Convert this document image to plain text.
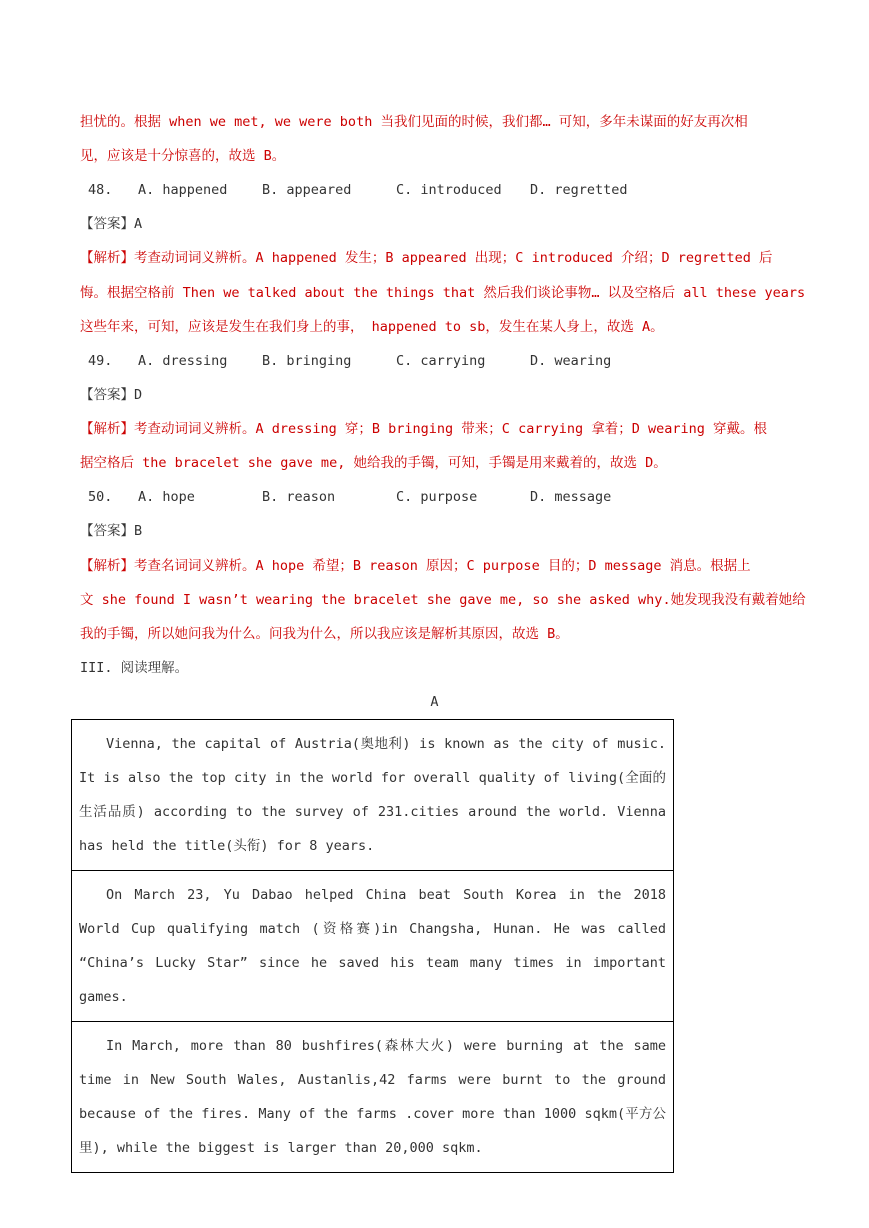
担忧的。根据 when we met, we were both 当我们见面的时候，我们都… 可知，多年未谋面的好友再次相
见，应该是十分惊喜的，故选 B。
48. A. happened	B. appeared	C. introduced D. regretted
【答案】A
【解析】考查动词词义辨析。A happened 发生；B appeared 出现；C introduced 介绍；D regretted 后
悔。根据空格前 Then we talked about the things that 然后我们谈论事物… 以及空格后 all these years
这些年来，可知，应该是发生在我们身上的事， happened to sb，发生在某人身上，故选 A。
49. A. dressing	B. bringing	C. carrying	D. wearing
【答案】D
【解析】考查动词词义辨析。A dressing 穿；B bringing 带来；C carrying 拿着；D wearing 穿戴。根
据空格后 the bracelet she gave me, 她给我的手镯，可知，手镯是用来戴着的，故选 D。
50. A. hope	B. reason	C. purpose	D. message
【答案】B
【解析】考查名词词义辨析。A hope 希望；B reason 原因；C purpose 目的；D message 消息。根据上
文 she found I wasn’t wearing the bracelet she gave me, so she asked why.她发现我没有戴着她给
我的手镯，所以她问我为什么。问我为什么，所以我应该是解析其原因，故选 B。
III. 阅读理解。
A

Vienna, the capital of Austria(奥地利) is known as the city of music. It is also the top city in the world for overall quality of living(全面的生活品质) according to the survey of 231.cities around the world. Vienna has held the title(头衔) for 8 years.

On March 23, Yu Dabao helped China beat South Korea in the 2018 World Cup qualifying match (资格赛)in Changsha, Hunan. He was called “China’s Lucky Star” since he saved his team many times in important games.

In March, more than 80 bushfires(森林大火) were burning at the same time in New South Wales, Austanlis,42 farms were burnt to the ground because of the fires. Many of the farms .cover more than 1000 sqkm(平方公里), while the biggest is larger than 20,000 sqkm.
